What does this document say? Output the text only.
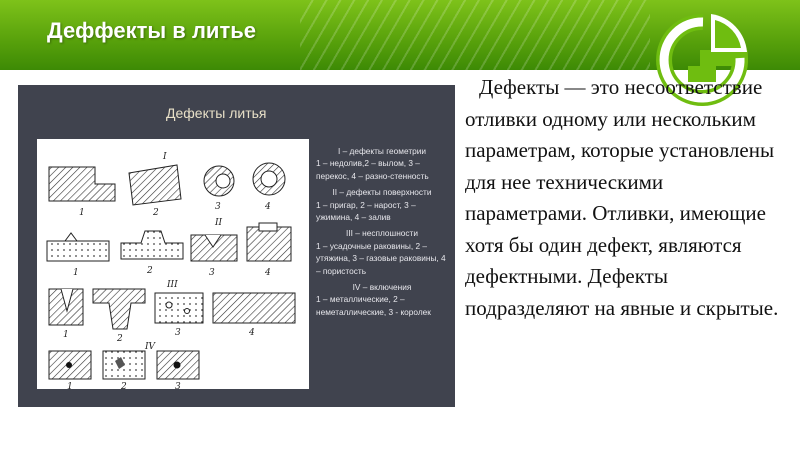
Деффекты в литье
Дефекты литья
I
1	2
3	4
II
1	2	3	4
III
1	2
3	4
IV
1	2	3
I – дефекты геометрии
1 – недолив,2 – вылом, 3 – перекос, 4 – разно-стенность
II – дефекты поверхности
1 – пригар, 2 – нарост, 3 – ужимина, 4 – залив
III – несплошности
1 – усадочные раковины, 2 – утяжина, 3 – газовые раковины, 4 – пористость
IV – включения
1 – металлические, 2 – неметаллические, 3 - королек

Дефекты — это несоответствие отливки одному или нескольким параметрам, которые установлены для нее техническими параметрами. Отливки, имеющие хотя бы один дефект, являются дефектными. Дефекты подразделяют на явные и скрытые.
